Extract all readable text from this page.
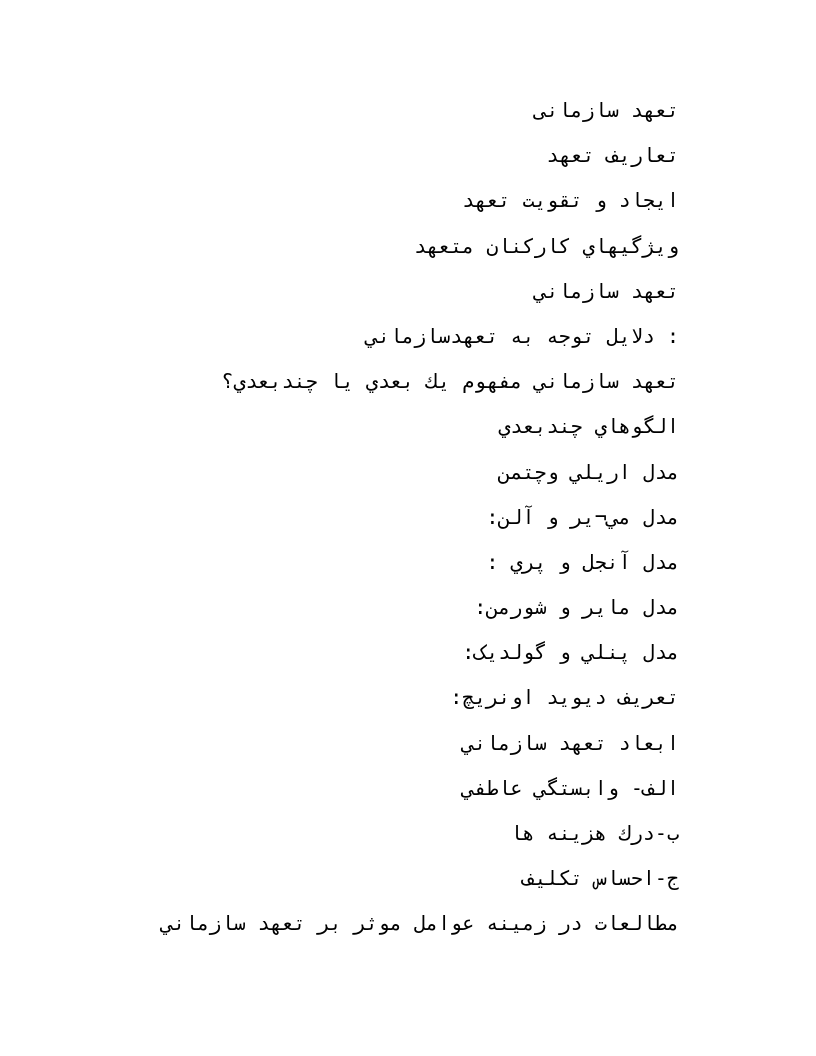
تعهد سازمانی
تعاریف تعهد
ایجاد و تقویت تعهد
ويژگيهاي كاركنان متعهد
تعهد سازماني
: دلايل توجه به تعهدسازماني
تعهد سازماني مفهوم يك بعدي يا چندبعدي؟
الگوهاي چندبعدي
مدل اريلي وچتمن
مدل مي¬ير و آلن:
مدل آنجل و پري :
مدل ماير و شورمن:
مدل پنلي و گولديک:
تعريف ديويد اونريچ:
ابعاد تعهد سازماني
الف- وابستگي عاطفي
ب-درك هزينه ها
ج-احساس تكليف
مطالعات در زمينه عوامل موثر بر تعهد سازماني
